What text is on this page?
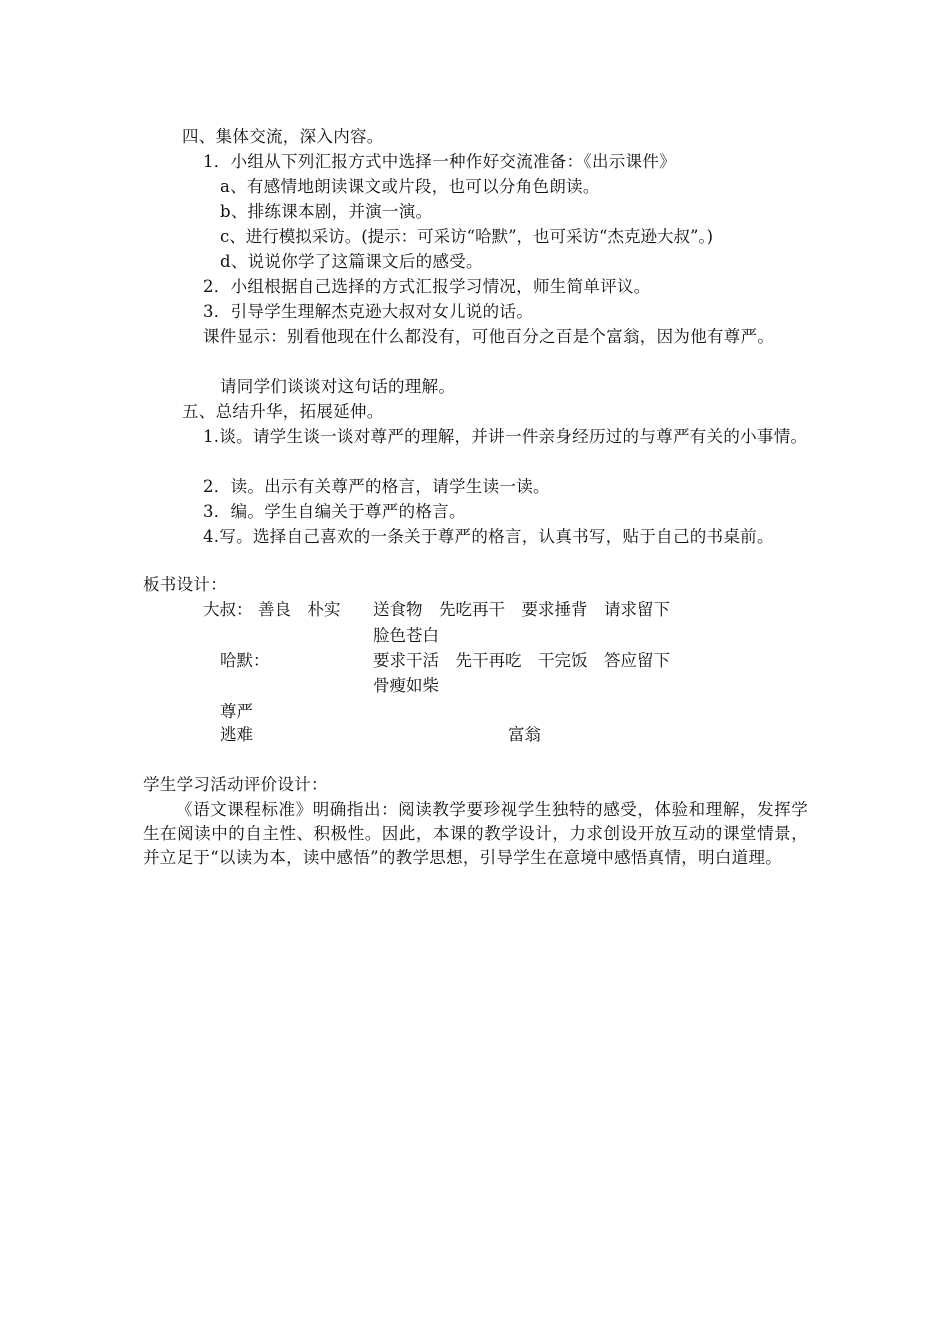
四、集体交流，深入内容。
1．小组从下列汇报方式中选择一种作好交流准备：《出示课件》
a、有感情地朗读课文或片段，也可以分角色朗读。
b、排练课本剧，并演一演。
c、进行模拟采访。(提示：可采访“哈默”，也可采访“杰克逊大叔”。)
d、说说你学了这篇课文后的感受。
2．小组根据自己选择的方式汇报学习情况，师生简单评议。
3．引导学生理解杰克逊大叔对女儿说的话。
课件显示：别看他现在什么都没有，可他百分之百是个富翁，因为他有尊严。
请同学们谈谈对这句话的理解。
五、总结升华，拓展延伸。
1.谈。请学生谈一谈对尊严的理解，并讲一件亲身经历过的与尊严有关的小事情。
2．读。出示有关尊严的格言，请学生读一读。
3．编。学生自编关于尊严的格言。
4.写。选择自己喜欢的一条关于尊严的格言，认真书写，贴于自己的书桌前。
板书设计：
大叔： 善良　朴实 送食物　先吃再干　要求捶背　请求留下
脸色苍白
哈默：	要求干活　先干再吃　干完饭　答应留下
骨瘦如柴
尊严
逃难	富翁
学生学习活动评价设计：
《语文课程标准》明确指出：阅读教学要珍视学生独特的感受，体验和理解，发挥学生在阅读中的自主性、积极性。因此，本课的教学设计，力求创设开放互动的课堂情景，并立足于“以读为本，读中感悟”的教学思想，引导学生在意境中感悟真情，明白道理。
